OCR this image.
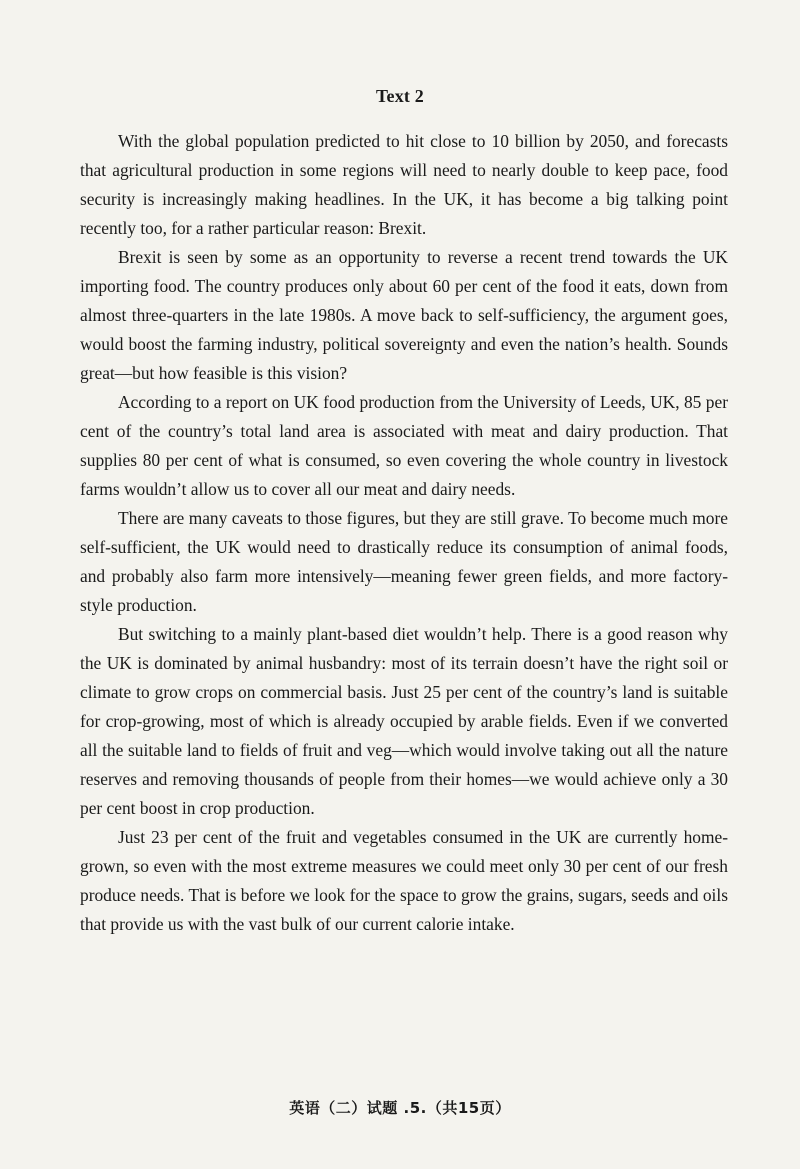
Text 2

With the global population predicted to hit close to 10 billion by 2050, and forecasts that agricultural production in some regions will need to nearly double to keep pace, food security is increasingly making headlines. In the UK, it has become a big talking point recently too, for a rather particular reason: Brexit.

Brexit is seen by some as an opportunity to reverse a recent trend towards the UK importing food. The country produces only about 60 per cent of the food it eats, down from almost three-quarters in the late 1980s. A move back to self-sufficiency, the argument goes, would boost the farming industry, political sovereignty and even the nation’s health. Sounds great—but how feasible is this vision?

According to a report on UK food production from the University of Leeds, UK, 85 per cent of the country’s total land area is associated with meat and dairy production. That supplies 80 per cent of what is consumed, so even covering the whole country in livestock farms wouldn’t allow us to cover all our meat and dairy needs.

There are many caveats to those figures, but they are still grave. To become much more self-sufficient, the UK would need to drastically reduce its consumption of animal foods, and probably also farm more intensively—meaning fewer green fields, and more factory-style production.

But switching to a mainly plant-based diet wouldn’t help. There is a good reason why the UK is dominated by animal husbandry: most of its terrain doesn’t have the right soil or climate to grow crops on commercial basis. Just 25 per cent of the country’s land is suitable for crop-growing, most of which is already occupied by arable fields. Even if we converted all the suitable land to fields of fruit and veg—which would involve taking out all the nature reserves and removing thousands of people from their homes—we would achieve only a 30 per cent boost in crop production.

Just 23 per cent of the fruit and vegetables consumed in the UK are currently home-grown, so even with the most extreme measures we could meet only 30 per cent of our fresh produce needs. That is before we look for the space to grow the grains, sugars, seeds and oils that provide us with the vast bulk of our current calorie intake.

英语（二）试题 .5.（共15页）
